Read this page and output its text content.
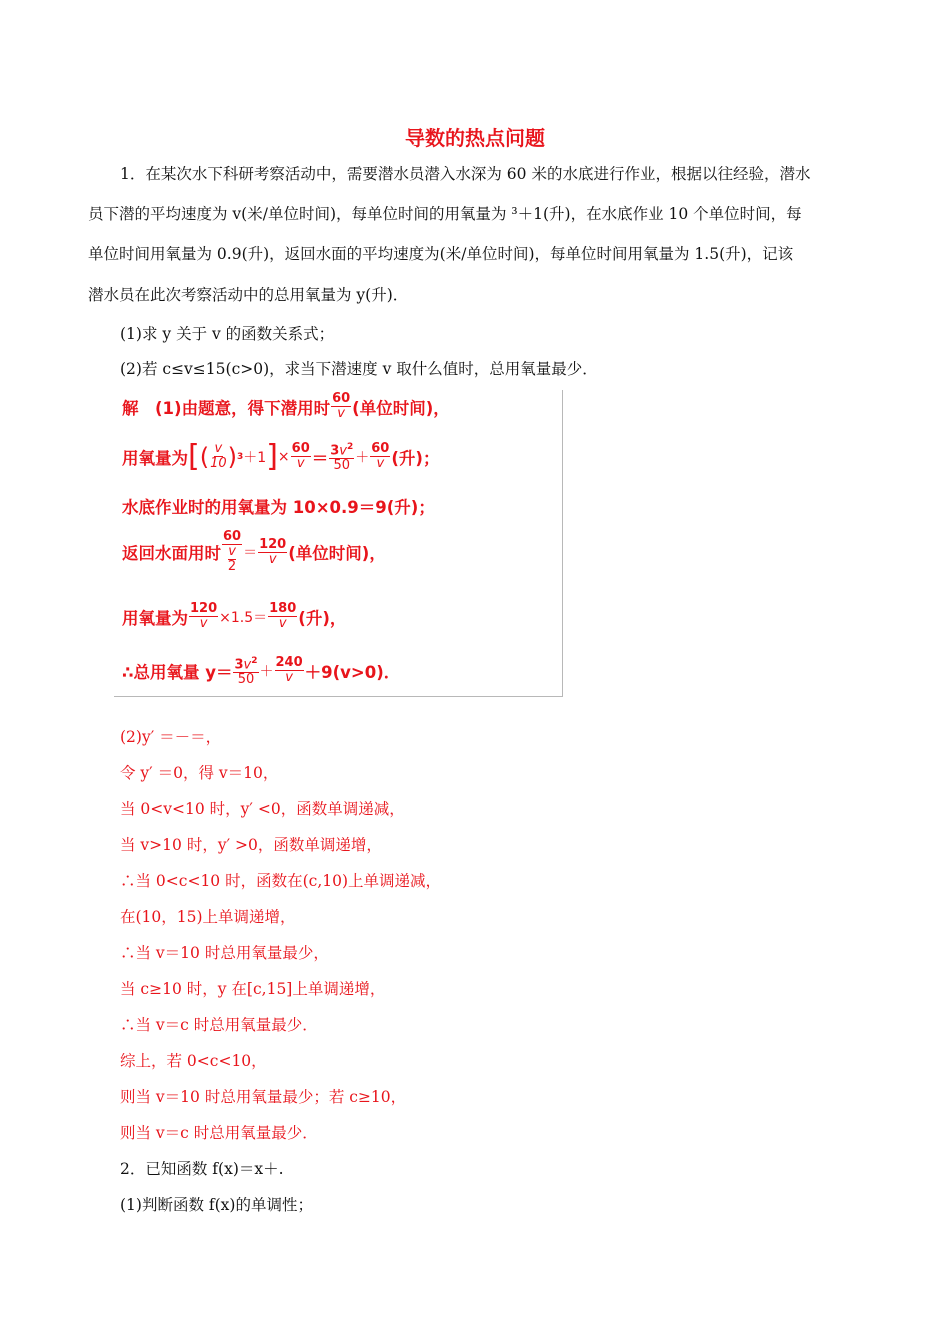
导数的热点问题
1．在某次水下科研考察活动中，需要潜水员潜入水深为 60 米的水底进行作业，根据以往经验，潜水
员下潜的平均速度为 v(米/单位时间)，每单位时间的用氧量为 ³＋1(升)，在水底作业 10 个单位时间，每
单位时间用氧量为 0.9(升)，返回水面的平均速度为(米/单位时间)，每单位时间用氧量为 1.5(升)，记该
潜水员在此次考察活动中的总用氧量为 y(升)．
(1)求 y 关于 v 的函数关系式；
(2)若 c≤v≤15(c>0)，求当下潜速度 v 取什么值时，总用氧量最少．
解　(1)由题意，得下潜用时 $\frac{60}{v}$ (单位时间)，
用氧量为 [ ( $\frac{v}{10}$ ) 3 ＋1 ] × $\frac{60}{v} = \frac{3v^2}{50} + \frac{60}{v}$ (升)；
水底作业时的用氧量为 10×0.9＝9(升)；
返回水面用时 60
v
$2 = \frac{120}{v}$ (单位时间)，
用氧量为 $\frac{120}{v} \times 1.5= \frac{180}{v}$ (升)，
∴总用氧量 $y= \frac{3v^2}{50} + \frac{240}{v} +9(v>0)$．
(2)y′ ＝－＝，
令 y′ ＝0，得 v＝10，
当 0<v<10 时，y′ <0，函数单调递减，
当 v>10 时，y′ >0，函数单调递增，
∴当 0<c<10 时，函数在(c,10)上单调递减，
在(10，15)上单调递增，
∴当 v＝10 时总用氧量最少，
当 c≥10 时，y 在[c,15]上单调递增，
∴当 v＝c 时总用氧量最少．
综上，若 0<c<10，
则当 v＝10 时总用氧量最少；若 c≥10，
则当 v＝c 时总用氧量最少．
2．已知函数 f(x)＝x＋.
(1)判断函数 f(x)的单调性；
